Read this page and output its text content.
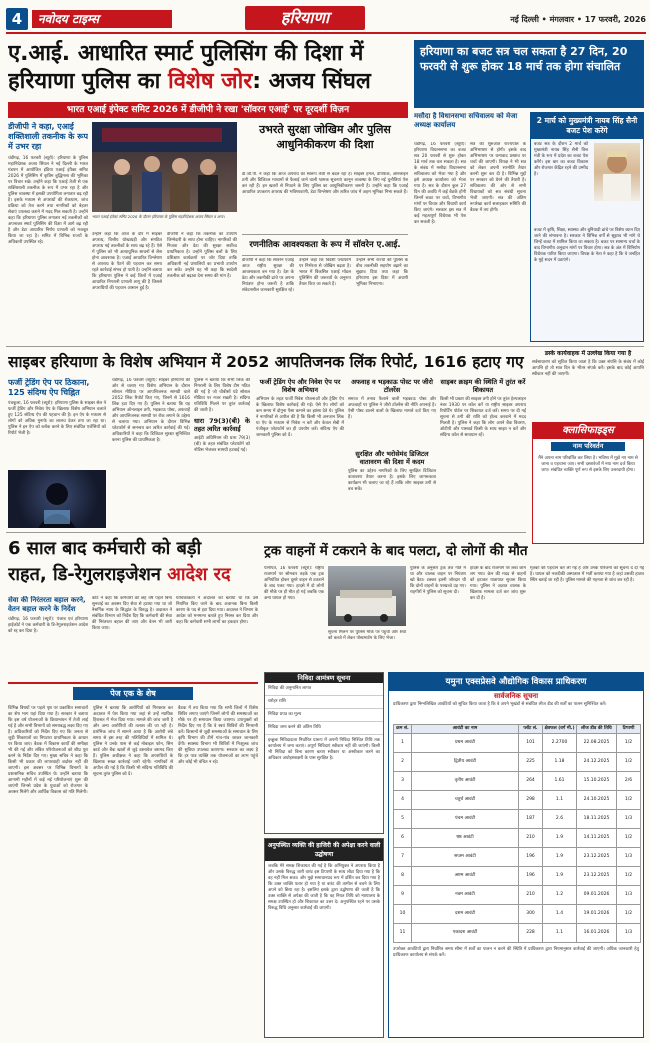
4	नवोदय टाइम्स	हरियाणा	नई दिल्ली • मंगलवार • 17 फरवरी, 2026
ए.आई. आधारित स्मार्ट पुलिसिंग की दिशा में
हरियाणा पुलिस का विशेष जोर: अजय सिंघल
भारत एआई इंपेक्ट समिट 2026 में डीजीपी ने रखा 'सॉवरन एआई' पर दूरदर्शी विज़न
डीजीपी ने कहा, एआई शक्तिशाली तकनीक के रूप में उभर रहा
चंडीगढ़, 16 फरवरी (ब्यूरो): हरियाणा के पुलिस महानिदेशक अजय सिंघल ने नई दिल्ली के भारत मंडपम में आयोजित इंडिया एआई इंपैक्ट समिट 2026 में पुलिसिंग में कृत्रिम बुद्धिमत्ता की भूमिका पर विचार रखे। उन्होंने कहा कि एआई तेजी से एक शक्तिशाली तकनीक के रूप में उभर रहा है और पुलिस व्यवस्था में इसकी उपयोगिता लगातार बढ़ रही है। इसके माध्यम से अपराधों की रोकथाम, जांच प्रक्रिया को तेज करने तथा नागरिकों को बेहतर सेवाएं उपलब्ध कराने में मदद मिल सकती है। उन्होंने कहा कि हरियाणा पुलिस लगातार नई तकनीकों को अपनाकर स्मार्ट पुलिसिंग की दिशा में आगे बढ़ रही है और डेटा आधारित निर्णय प्रणाली को मजबूत किया जा रहा है। समिट में विभिन्न राज्यों के अधिकारी उपस्थित रहे।
भारत एआई इंपेक्ट समिट 2026 के दौरान हरियाणा के पुलिस महानिदेशक अजय सिंघल व अन्य।
उन्होंने कहा कि आज के दौर में साइबर अपराध, वित्तीय धोखाधड़ी और संगठित अपराध नई तकनीकों के साथ बढ़ रहे हैं। ऐसे में पुलिस को भी अत्याधुनिक साधनों से लैस होना आवश्यक है। एआई आधारित विश्लेषण से अपराध के पैटर्न की पहचान कर समय रहते कार्रवाई संभव हो पाती है। उन्होंने बताया कि हरियाणा पुलिस ने कई जिलों में एआई आधारित निगरानी प्रणाली लागू की है जिससे अपराधियों की पहचान आसान हुई है।
डीजीपी ने कहा कि तकनीक का उपयोग जिम्मेदारी के साथ होना चाहिए। नागरिकों की निजता और डेटा की सुरक्षा सर्वोच्च प्राथमिकता है। उन्होंने पुलिस बलों के लिए प्रशिक्षण कार्यक्रमों पर जोर दिया ताकि अधिकारी नई प्रणालियों का प्रभावी उपयोग कर सकें। उन्होंने यह भी कहा कि स्वदेशी तकनीक को बढ़ावा देना समय की मांग है।
उभरते सुरक्षा जोखिम और पुलिस आधुनिकीकरण की दिशा
डी.जी.पी. ने कहा कि आज अपराध का स्वरूप तेजी से बदल रहा है। साइबर हमले, डीपफेक, ऑनलाइन ठगी और डिजिटल माध्यमों से फैलाई जाने वाली भ्रामक सूचनाएं कानून व्यवस्था के लिए नई चुनौतियां पेश कर रही हैं। इन खतरों से निपटने के लिए पुलिस का आधुनिकीकरण जरूरी है। उन्होंने कहा कि एआई आधारित उपकरण अपराध की भविष्यवाणी, डेटा विश्लेषण और त्वरित जांच में अहम भूमिका निभा सकते हैं।
रणनीतिक आवश्यकता के रूप में सॉवरेन ए.आई.
डीजीपी ने कहा कि सॉवरेन एआई आज राष्ट्रीय सुरक्षा की आवश्यकता बन गया है। देश के डेटा और तकनीकी ढांचे पर अपना नियंत्रण होना जरूरी है ताकि संवेदनशील जानकारी सुरक्षित रहे।
उन्होंने कहा कि विदेशी प्लेटफॉर्म पर निर्भरता से जोखिम बढ़ता है। भारत में विकसित एआई मॉडल पुलिसिंग की जरूरतों के अनुरूप तैयार किए जा सकते हैं।
उन्होंने सभी राज्यों की पुलिस के बीच तकनीकी सहयोग बढ़ाने का सुझाव दिया तथा कहा कि हरियाणा इस दिशा में अग्रणी भूमिका निभाएगा।
हरियाणा का बजट सत्र चल सकता है 27 दिन, 20 फरवरी से शुरू होकर 18 मार्च तक होगा संचालित
मसौदा है विधानसभा सचिवालय को मेजा अध्यक्ष कार्यालय
चंडीगढ़, 16 फरवरी (ब्यूरो): हरियाणा विधानसभा का बजट सत्र 20 फरवरी से शुरू होकर 18 मार्च तक चल सकता है। सत्र के संबंध में मसौदा विधानसभा सचिवालय को भेजा गया है और इसे अध्यक्ष कार्यालय को भेजा गया है। सत्र के दौरान कुल 27 दिन की अवधि में कई बैठकें होंगी जिनमें बजट पर चर्चा, विभागीय मांगों पर विचार और विधायी कार्य किए जाएंगे। सरकार इस सत्र में कई महत्वपूर्ण विधेयक भी पेश कर सकती है।
सत्र की शुरुआत राज्यपाल के अभिभाषण से होगी। इसके बाद अभिभाषण पर धन्यवाद प्रस्ताव पर चर्चा की जाएगी। विपक्ष ने भी सत्र को लेकर अपनी रणनीति तैयार करनी शुरू कर दी है। विभिन्न मुद्दों पर सरकार को घेरने की तैयारी है। सचिवालय की ओर से सभी विधायकों को सत्र संबंधी सूचना भेजी जाएगी। सत्र की अंतिम रूपरेखा कार्य सलाहकार समिति की बैठक में तय होगी।
2 मार्च को मुख्यमंत्री नायब सिंह सैनी बजट पेश करेंगे
बजट सत्र के दौरान 2 मार्च को मुख्यमंत्री नायब सिंह सैनी वित्त मंत्री के रूप में प्रदेश का बजट पेश करेंगे। इस बार का बजट विकास और रोजगार केंद्रित रहने की उम्मीद है।
बजट में कृषि, शिक्षा, स्वास्थ्य और बुनियादी ढांचे पर विशेष ध्यान दिए जाने की संभावना है। सरकार ने विभिन्न वर्गों से सुझाव भी मांगे थे जिन्हें बजट में शामिल किया जा सकता है। बजट पर सामान्य चर्चा के बाद विभागीय अनुदान मांगों पर विचार होगा। सत्र के अंत में विनियोग विधेयक पारित किया जाएगा। विपक्ष के नेता ने कहा है कि वे जनहित के मुद्दे सदन में उठाएंगे।
साइबर हरियाणा के विशेष अभियान में 2052 आपतिजनक लिंक रिपोर्ट, 1616 हटाए गए
फर्जी ट्रेडिंग ऐप पर ठिकाना, 125 संदिग्ध ऐप चिह्नित
पंचकूला, 16 फरवरी (ब्यूरो): हरियाणा पुलिस के साइबर सेल ने फर्जी ट्रेडिंग और निवेश ऐप के खिलाफ विशेष अभियान चलाते हुए 125 संदिग्ध ऐप की पहचान की है। इन ऐप के माध्यम से लोगों को अधिक मुनाफे का लालच देकर ठगा जा रहा था। पुलिस ने इन ऐप को ब्लॉक करने के लिए संबंधित एजेंसियों को रिपोर्ट भेजी है।
चंडीगढ़, 16 फरवरी (ब्यूरो): साइबर हरियाणा की ओर से चलाए गए विशेष अभियान के दौरान सोशल मीडिया पर आपत्तिजनक सामग्री वाले 2052 लिंक रिपोर्ट किए गए, जिनमें से 1616 लिंक हटा दिए गए हैं। पुलिस ने बताया कि यह अभियान ऑनलाइन ठगी, भड़काऊ पोस्ट, अफवाहें और आपत्तिजनक सामग्री पर रोक लगाने के उद्देश्य से चलाया गया। अभियान के दौरान विभिन्न प्लेटफॉर्म से समन्वय कर त्वरित कार्रवाई की गई। अधिकारियों ने कहा कि डिजिटल सुरक्षा सुनिश्चित करना पुलिस की प्राथमिकता है।
पुलिस ने बताया कि सभी लिंक की निगरानी के लिए विशेष टीम गठित की गई है जो चौबीसों घंटे सोशल मीडिया पर नजर रखती है। संदिग्ध गतिविधि मिलने पर तुरंत कार्रवाई की जाती है।
धारा 79(3)(बी) के तहत त्वरित कार्रवाई
आईटी अधिनियम की धारा 79(3)(बी) के तहत संबंधित प्लेटफॉर्म को नोटिस भेजकर सामग्री हटवाई गई।
फर्जी ट्रेडिंग ऐप और निवेश ऐप पर विशेष अभियान
अभियान के तहत फर्जी निवेश योजनाओं और ट्रेडिंग ऐप के खिलाफ विशेष कार्रवाई की गई। ऐसे ऐप लोगों को कम समय में दोगुना पैसा कमाने का झांसा देते थे। पुलिस ने नागरिकों से अपील की है कि किसी भी अनजान लिंक या ऐप के माध्यम से निवेश न करें और केवल सेबी में पंजीकृत प्लेटफॉर्म का ही उपयोग करें। संदिग्ध ऐप की जानकारी पुलिस को दें।
अफवाह व भड़काऊ पोस्ट पर जीरो टॉलरेंस
समाज में तनाव फैलाने वाली भड़काऊ पोस्ट और अफवाहों पर पुलिस ने जीरो टॉलरेंस की नीति अपनाई है। ऐसी पोस्ट डालने वालों के खिलाफ मामले दर्ज किए गए हैं।
सुरक्षित और भरोसेमंद डिजिटल वातावरण की दिशा में कदम
पुलिस का उद्देश्य नागरिकों के लिए सुरक्षित डिजिटल वातावरण तैयार करना है। इसके लिए जागरूकता कार्यक्रम भी चलाए जा रहे हैं ताकि लोग साइबर ठगी से बच सकें।
साइबर क्राइम की स्थिति में तुरंत करें शिकायत
किसी भी प्रकार की साइबर ठगी होने पर तुरंत हेल्पलाइन नंबर 1930 पर कॉल करें या राष्ट्रीय साइबर अपराध रिपोर्टिंग पोर्टल पर शिकायत दर्ज करें। समय पर दी गई सूचना से ठगी की राशि को होल्ड करवाने में मदद मिलती है। पुलिस ने कहा कि लोग अपने बैंक विवरण, ओटीपी और पासवर्ड किसी के साथ साझा न करें और संदिग्ध कॉल से सावधान रहें।
डस्के कार्यवाहक में उल्लेख किया गया है
सर्वसाधारण को सूचित किया जाता है कि उक्त संपत्ति के संबंध में कोई आपत्ति हो तो सात दिन के भीतर संपर्क करें। इसके बाद कोई आपत्ति स्वीकार नहीं की जाएगी।
क्लासिफाइड्स
नाम परिवर्तन
मैंने अपना नाम परिवर्तित कर लिया है। भविष्य में मुझे नए नाम से जाना व पहचाना जाए। सभी दस्तावेजों में नया नाम दर्ज किया जाए। संबंधित व्यक्ति पूर्ण रूप से इसके लिए उत्तरदायी होगा।
6 साल बाद कर्मचारी को बड़ी
राहत, डि-रेगुलराइजेशन आदेश रद
सेवा की निरंतरता बहाल करने, वेतन बहाल करने के निर्देश
चंडीगढ़, 16 फरवरी (ब्यूरो): पंजाब एवं हरियाणा हाईकोर्ट ने एक कर्मचारी के डि-रेगुलराइजेशन आदेश को रद्द कर दिया है।
कोर्ट ने कहा कि कर्मचारी को छह वर्ष पहले बिना सुनवाई का अवसर दिए सेवा से हटाया गया था जो नैसर्गिक न्याय के सिद्धांत के विरुद्ध है। अदालत ने संबंधित विभाग को निर्देश दिए कि कर्मचारी की सेवा की निरंतरता बहाल की जाए और वेतन भी जारी किया जाए।
याचिकाकर्ता ने अदालत को बताया था कि उसे नियमित किए जाने के बाद अचानक बिना किसी कारण के पद से हटा दिया गया। अदालत ने विभाग के आदेश को मनमाना बताते हुए निरस्त कर दिया और कहा कि कर्मचारी सभी लाभों का हकदार होगा।
पेज एक के शेष
विभिन्न विषयों पर पहले पृष्ठ पर प्रकाशित समाचारों का शेष भाग यहां दिया गया है। सरकार ने बताया कि इस वर्ष योजनाओं के क्रियान्वयन में तेजी लाई गई है और सभी विभागों को समयबद्ध लक्ष्य दिए गए हैं। अधिकारियों को निर्देश दिए गए कि जनता से जुड़ी शिकायतों का निपटारा प्राथमिकता के आधार पर किया जाए। बैठक में विकास कार्यों की समीक्षा भी की गई और लंबित परियोजनाओं को शीघ्र पूरा करने के निर्देश दिए गए। मुख्य सचिव ने कहा कि किसी भी प्रकार की लापरवाही बर्दाश्त नहीं की जाएगी। इस अवसर पर विभिन्न विभागों के प्रशासनिक सचिव उपस्थित थे। उन्होंने बताया कि आगामी महीनों में कई नई परियोजनाएं शुरू की जाएंगी जिनसे प्रदेश के युवाओं को रोजगार के अवसर मिलेंगे और आर्थिक विकास को गति मिलेगी।
पुलिस ने बताया कि आरोपियों को गिरफ्तार कर अदालत में पेश किया गया जहां से उन्हें न्यायिक हिरासत में भेज दिया गया। मामले की जांच जारी है और अन्य आरोपियों की तलाश की जा रही है। प्रारंभिक जांच में सामने आया है कि आरोपी लंबे समय से इस तरह की गतिविधियों में शामिल थे। पुलिस ने उनके पास से कई मोबाइल फोन, सिम कार्ड और बैंक खातों से जुड़े दस्तावेज बरामद किए हैं। पुलिस अधीक्षक ने कहा कि अपराधियों के खिलाफ सख्त कार्रवाई जारी रहेगी। नागरिकों से अपील की गई है कि किसी भी संदिग्ध गतिविधि की सूचना तुरंत पुलिस को दें।
बैठक में तय किया गया कि सभी जिलों में विशेष शिविर लगाए जाएंगे जिनमें लोगों की समस्याओं का मौके पर ही समाधान किया जाएगा। उपायुक्तों को निर्देश दिए गए हैं कि वे स्वयं शिविरों की निगरानी करें। किसानों से जुड़ी समस्याओं के समाधान के लिए कृषि विभाग की टीमें गांव-गांव जाकर जानकारी देंगी। स्वास्थ्य विभाग भी शिविरों में निःशुल्क जांच की सुविधा उपलब्ध कराएगा। सरकार का लक्ष्य है कि हर पात्र व्यक्ति तक योजनाओं का लाभ पहुंचे और कोई भी वंचित न रहे।
ट्रक वाहनों में टकराने के बाद पलटा, दो लोगों की मौत
पानीपत, 16 फरवरी (ब्यूरो): राष्ट्रीय राजमार्ग पर सोमवार तड़के एक ट्रक अनियंत्रित होकर दूसरे वाहन से टकराने के बाद पलट गया। हादसे में दो लोगों की मौके पर ही मौत हो गई जबकि एक अन्य घायल हो गया।
सूचना मिलने पर पुलिस मौके पर पहुंची और शवों को कब्जे में लेकर पोस्टमार्टम के लिए भेजा।
पुलिस के अनुसार ट्रक तेज गति में था और चालक वाहन पर नियंत्रण खो बैठा। टक्कर इतनी जोरदार थी कि दोनों वाहनों के परखच्चे उड़ गए। राहगीरों ने पुलिस को सूचना दी।
हादसे के बाद राजमार्ग पर लंबा जाम लग गया। क्रेन की मदद से वाहनों को हटाकर यातायात सुचारु किया गया। पुलिस ने अज्ञात चालक के खिलाफ मामला दर्ज कर जांच शुरू कर दी है।
मृतकों की पहचान कर ली गई है और उनके परिजनों को सूचना दे दी गई है। घायल को नजदीकी अस्पताल में भर्ती कराया गया है जहां उसकी हालत स्थिर बताई जा रही है। पुलिस मामले की गहनता से जांच कर रही है।
निविदा आमंत्रण सूचना
निविदा की अनुमानित लागत
धरोहर राशि
निविदा प्रपत्र का मूल्य
निविदा जमा करने की अंतिम तिथि
इच्छुक निविदादाता निर्धारित प्रारूप में अपनी निविदा निश्चित तिथि तक कार्यालय में जमा कराएं। अपूर्ण निविदाएं स्वीकार नहीं की जाएंगी। किसी भी निविदा को बिना कारण बताए स्वीकार या अस्वीकार करने का अधिकार अधोहस्ताक्षरी के पास सुरक्षित है।
अनुपस्थित व्यक्ति की हाजिरी की अपेक्षा करने वाली उद्घोषणा
जबकि मेरे समक्ष शिकायत की गई है कि अभियुक्त ने अपराध किया है और उसके विरुद्ध जारी वारंट इस टिप्पणी के साथ लौटा दिया गया है कि वह नहीं मिल सका। और मुझे समाधानप्रद रूप में दर्शित कर दिया गया है कि उक्त व्यक्ति फरार हो गया है या वारंट की तामील से बचने के लिए अपने को छिपा रहा है। इसलिए इसके द्वारा उद्घोषणा की जाती है कि उक्त व्यक्ति से अपेक्षा की जाती है कि वह नियत तिथि को न्यायालय के समक्ष उपस्थित हो और शिकायत का उत्तर दे। अनुपस्थित रहने पर उसके विरुद्ध विधि अनुसार कार्रवाई की जाएगी।
यमुना एक्सप्रेसवे औद्योगिक विकास प्राधिकरण
सार्वजनिक सूचना
प्राधिकरण द्वारा निम्नलिखित आवंटियों को सूचित किया जाता है कि वे अपने भूखंडों से संबंधित लीज डीड की शर्तों का पालन सुनिश्चित करें।
क्रम सं.	आवंटी का नाम	प्लॉट सं.	क्षेत्रफल (वर्ग मी.)	लीज डीड की तिथि	टिप्पणी
1	प्रथम आवंटी	101	2.2700	22.08.2025	1/2
2	द्वितीय आवंटी	225	1.18	24.12.2025	1/2
3	तृतीय आवंटी	264	1.61	15.10.2025	2/6
4	चतुर्थ आवंटी	298	1.1	24.10.2025	1/2
5	पंचम आवंटी	187	2.6	18.11.2025	1/3
6	षष्ठ आवंटी	210	1.9	14.11.2025	1/2
7	सप्तम आवंटी	196	1.9	23.12.2025	1/3
8	अष्टम आवंटी	196	1.9	23.12.2025	1/2
9	नवम आवंटी	210	1.2	09.01.2026	1/3
10	दशम आवंटी	300	1.4	19.01.2026	1/2
11	एकादश आवंटी	228	1.1	16.01.2026	1/3
उपरोक्त आवंटियों द्वारा निर्धारित समय सीमा में शर्तों का पालन न करने की स्थिति में प्राधिकरण द्वारा नियमानुसार कार्रवाई की जाएगी। अधिक जानकारी हेतु प्राधिकरण कार्यालय से संपर्क करें।
